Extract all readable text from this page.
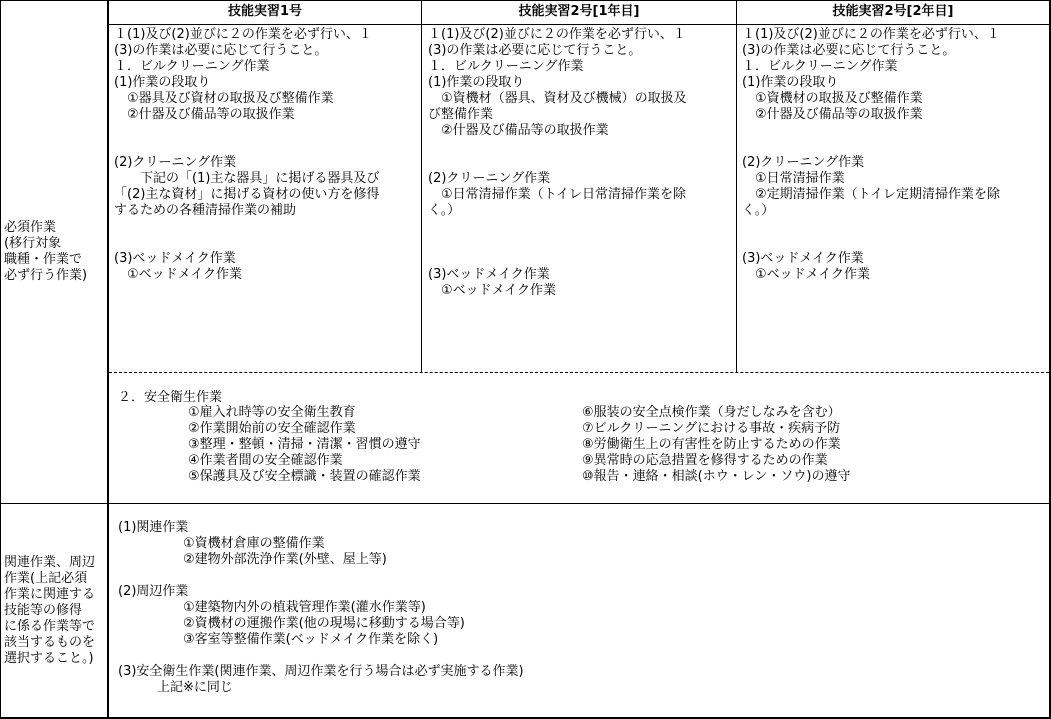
技能実習1号	技能実習2号[1年目]	技能実習2号[2年目]
必須作業
(移行対象
職種・作業で
必ず行う作業)
関連作業、周辺
作業(上記必須
作業に関連する
技能等の修得
に係る作業等で
該当するものを
選択すること。)
１(1)及び(2)並びに２の作業を必ず行い、１
(3)の作業は必要に応じて行うこと。
１．ビルクリーニング作業
(1)作業の段取り
　①器具及び資材の取扱及び整備作業
　②什器及び備品等の取扱作業

(2)クリーニング作業
　　下記の「(1)主な器具」に掲げる器具及び
「(2)主な資材」に掲げる資材の使い方を修得
するための各種清掃作業の補助

(3)ベッドメイク作業
　①ベッドメイク作業
１(1)及び(2)並びに２の作業を必ず行い、１
(3)の作業は必要に応じて行うこと。
１．ビルクリーニング作業
(1)作業の段取り
　①資機材（器具、資材及び機械）の取扱及
び整備作業
　②什器及び備品等の取扱作業

(2)クリーニング作業
　①日常清掃作業（トイレ日常清掃作業を除
く。）

(3)ベッドメイク作業
　①ベッドメイク作業
１(1)及び(2)並びに２の作業を必ず行い、１
(3)の作業は必要に応じて行うこと。
１．ビルクリーニング作業
(1)作業の段取り
　①資機材の取扱及び整備作業
　②什器及び備品等の取扱作業

(2)クリーニング作業
　①日常清掃作業
　②定期清掃作業（トイレ定期清掃作業を除
く。）

(3)ベッドメイク作業
　①ベッドメイク作業
２．安全衛生作業
①雇入れ時等の安全衛生教育
②作業開始前の安全確認作業
③整理・整頓・清掃・清潔・習慣の遵守
④作業者間の安全確認作業
⑤保護具及び安全標識・装置の確認作業
⑥服装の安全点検作業（身だしなみを含む）
⑦ビルクリーニングにおける事故・疾病予防
⑧労働衛生上の有害性を防止するための作業
⑨異常時の応急措置を修得するための作業
⑩報告・連絡・相談(ホウ・レン・ソウ)の遵守
(1)関連作業
　　　　　①資機材倉庫の整備作業
　　　　　②建物外部洗浄作業(外壁、屋上等)

(2)周辺作業
　　　　　①建築物内外の植栽管理作業(灌水作業等)
　　　　　②資機材の運搬作業(他の現場に移動する場合等)
　　　　　③客室等整備作業(ベッドメイク作業を除く)

(3)安全衛生作業(関連作業、周辺作業を行う場合は必ず実施する作業)
　　　上記※に同じ
